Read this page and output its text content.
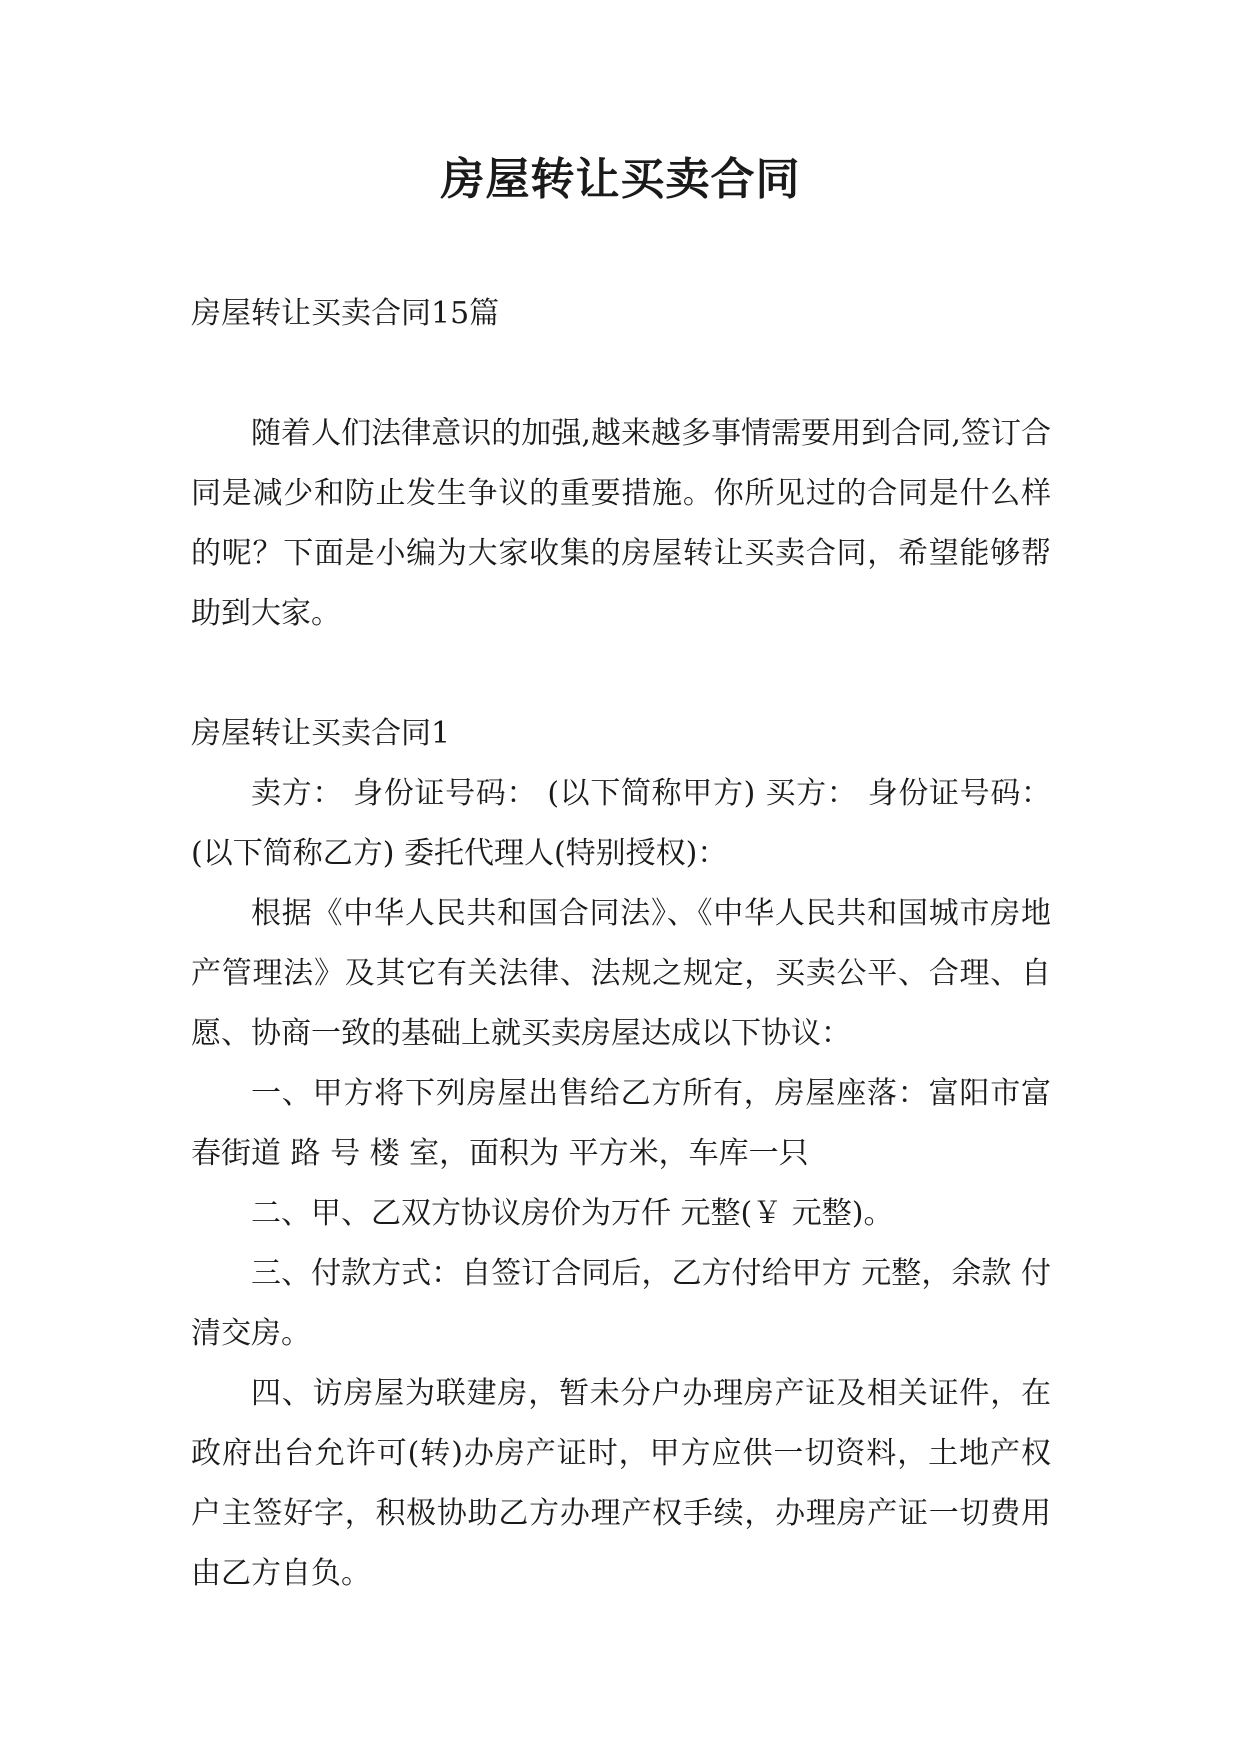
房屋转让买卖合同

房屋转让买卖合同15篇

随着人们法律意识的加强,越来越多事情需要用到合同,签订合同是减少和防止发生争议的重要措施。你所见过的合同是什么样的呢？下面是小编为大家收集的房屋转让买卖合同，希望能够帮助到大家。

房屋转让买卖合同1

卖方： 身份证号码： (以下简称甲方) 买方： 身份证号码： (以下简称乙方) 委托代理人(特别授权)：

根据《中华人民共和国合同法》、《中华人民共和国城市房地产管理法》及其它有关法律、法规之规定，买卖公平、合理、自愿、协商一致的基础上就买卖房屋达成以下协议：

一、甲方将下列房屋出售给乙方所有，房屋座落：富阳市富春街道 路 号 楼 室，面积为 平方米，车库一只

二、甲、乙双方协议房价为万仟 元整(￥ 元整)。

三、付款方式：自签订合同后，乙方付给甲方 元整，余款 付清交房。

四、访房屋为联建房，暂未分户办理房产证及相关证件，在政府出台允许可(转)办房产证时，甲方应供一切资料，土地产权户主签好字，积极协助乙方办理产权手续，办理房产证一切费用由乙方自负。
